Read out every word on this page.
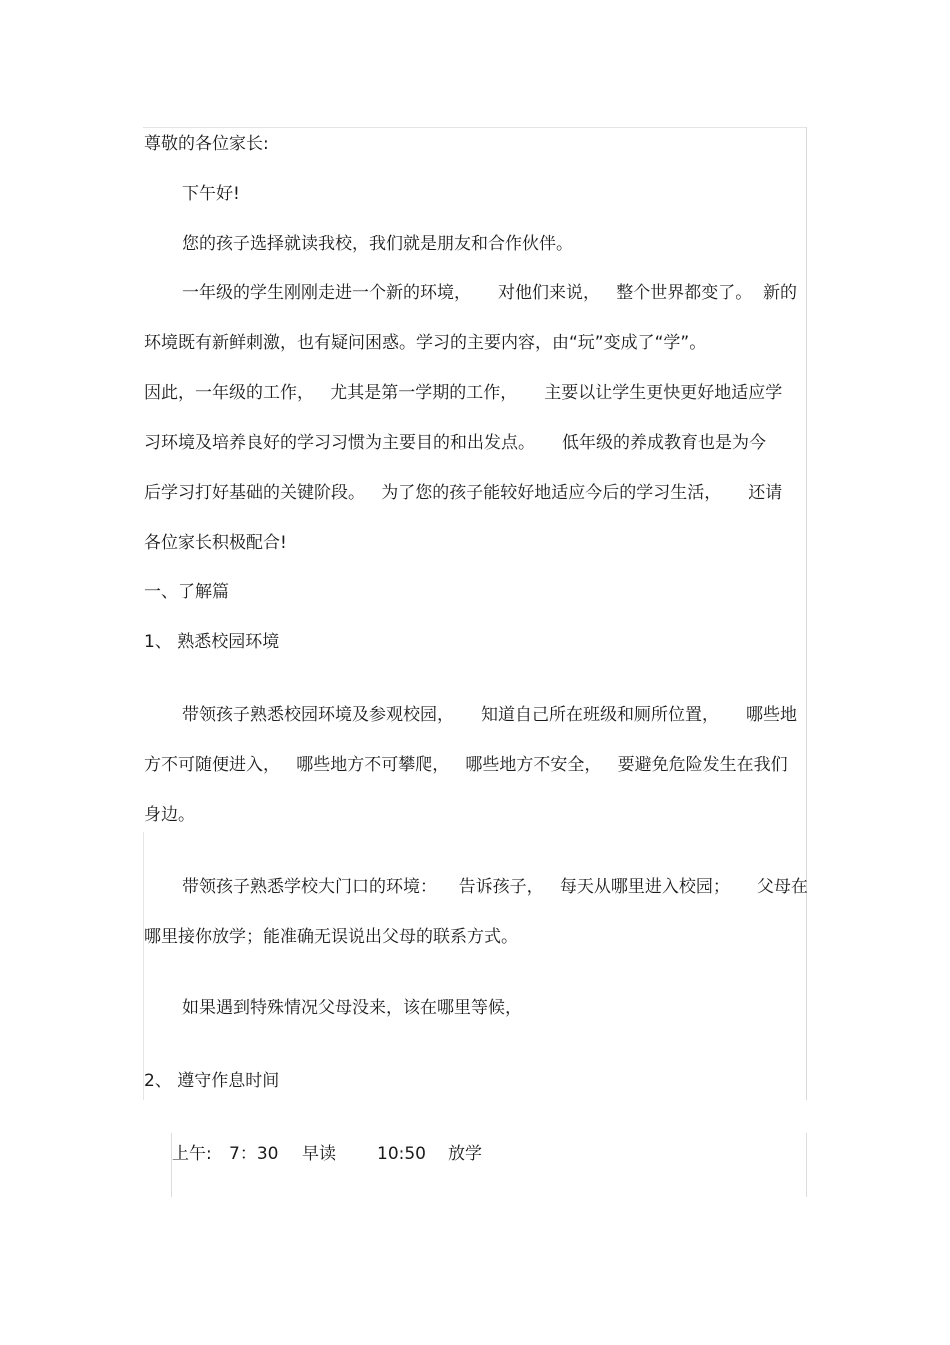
尊敬的各位家长:
下午好!
您的孩子选择就读我校，我们就是朋友和合作伙伴。
一年级的学生刚刚走进一个新的环境，     对他们来说，   整个世界都变了。  新的
环境既有新鲜刺激，也有疑问困惑。学习的主要内容，由“玩”变成了“学”。
因此，一年级的工作，   尤其是第一学期的工作，     主要以让学生更快更好地适应学
习环境及培养良好的学习习惯为主要目的和出发点。     低年级的养成教育也是为今
后学习打好基础的关键阶段。   为了您的孩子能较好地适应今后的学习生活，     还请
各位家长积极配合!
一、了解篇
1、 熟悉校园环境
带领孩子熟悉校园环境及参观校园，     知道自己所在班级和厕所位置，     哪些地
方不可随便进入，   哪些地方不可攀爬，   哪些地方不安全，   要避免危险发生在我们
身边。
带领孩子熟悉学校大门口的环境：    告诉孩子，   每天从哪里进入校园；     父母在
哪里接你放学；能准确无误说出父母的联系方式。
如果遇到特殊情况父母没来，该在哪里等候，
2、 遵守作息时间
上午: 7：30 早读 10:50 放学
